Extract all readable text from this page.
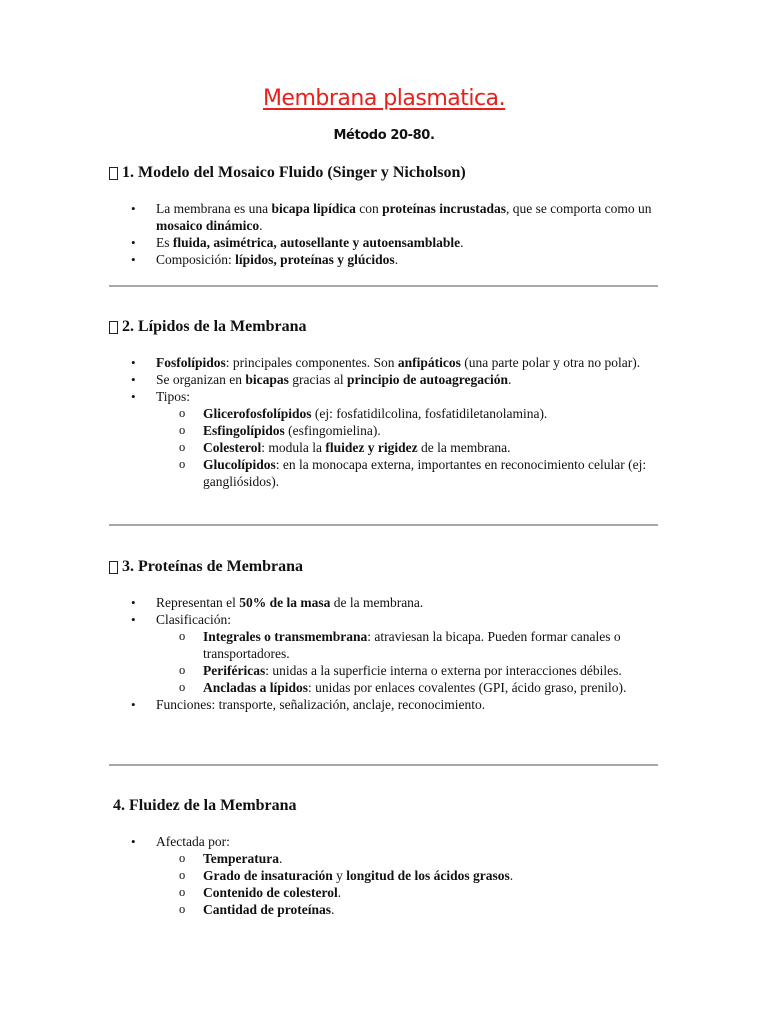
Membrana plasmatica.
Método 20-80.
1. Modelo del Mosaico Fluido (Singer y Nicholson)
• La membrana es una bicapa lipídica con proteínas incrustadas, que se comporta como un mosaico dinámico.
• Es fluida, asimétrica, autosellante y autoensamblable.
• Composición: lípidos, proteínas y glúcidos.
2. Lípidos de la Membrana
• Fosfolípidos: principales componentes. Son anfipáticos (una parte polar y otra no polar).
• Se organizan en bicapas gracias al principio de autoagregación.
• Tipos:
o Glicerofosfolípidos (ej: fosfatidilcolina, fosfatidiletanolamina).
o Esfingolípidos (esfingomielina).
o Colesterol: modula la fluidez y rigidez de la membrana.
o Glucolípidos: en la monocapa externa, importantes en reconocimiento celular (ej: gangliósidos).
3. Proteínas de Membrana
• Representan el 50% de la masa de la membrana.
• Clasificación:
o Integrales o transmembrana: atraviesan la bicapa. Pueden formar canales o transportadores.
o Periféricas: unidas a la superficie interna o externa por interacciones débiles.
o Ancladas a lípidos: unidas por enlaces covalentes (GPI, ácido graso, prenilo).
• Funciones: transporte, señalización, anclaje, reconocimiento.
4. Fluidez de la Membrana
• Afectada por:
o Temperatura.
o Grado de insaturación y longitud de los ácidos grasos.
o Contenido de colesterol.
o Cantidad de proteínas.
